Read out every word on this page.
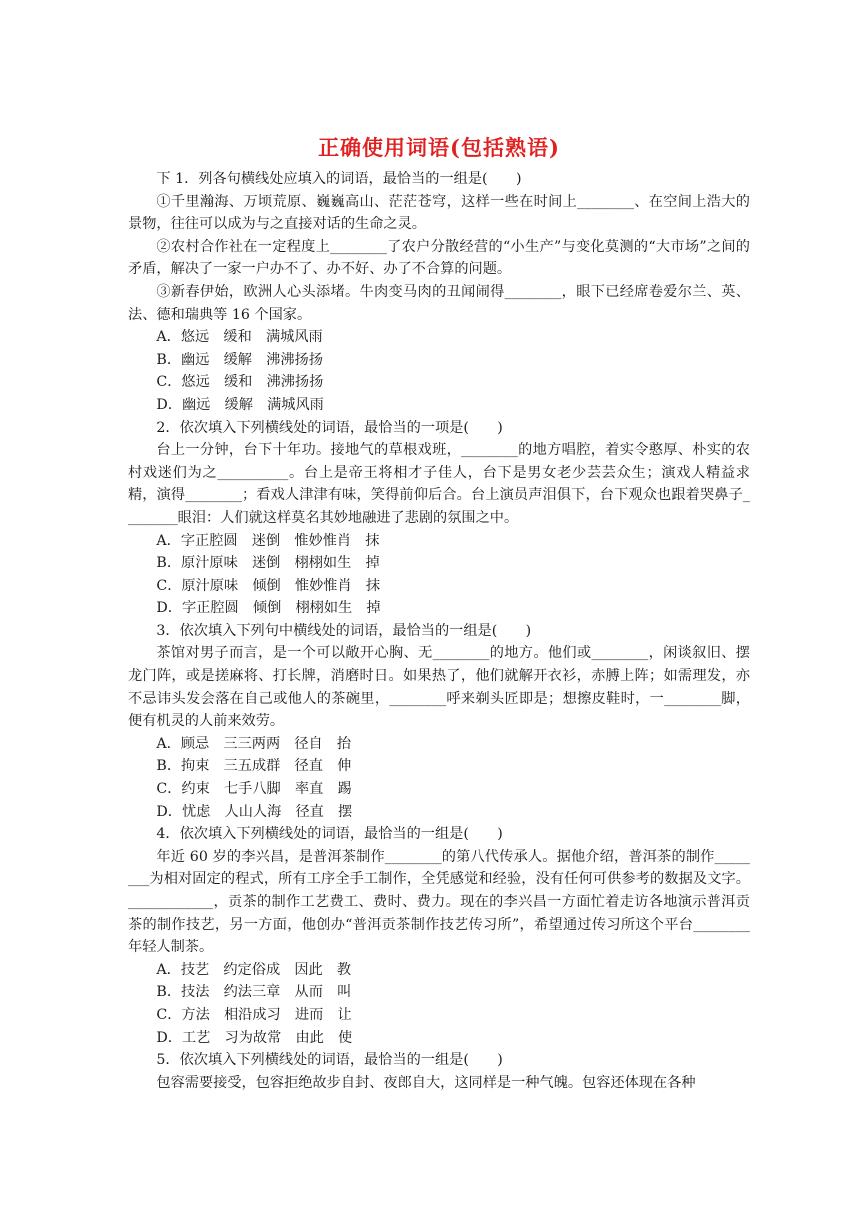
正确使用词语(包括熟语)

下 1．列各句横线处应填入的词语，最恰当的一组是(　　)

①千里瀚海、万顷荒原、巍巍高山、茫茫苍穹，这样一些在时间上________、在空间上浩大的景物，往往可以成为与之直接对话的生命之灵。

②农村合作社在一定程度上________了农户分散经营的“小生产”与变化莫测的“大市场”之间的矛盾，解决了一家一户办不了、办不好、办了不合算的问题。

③新春伊始，欧洲人心头添堵。牛肉变马肉的丑闻闹得________，眼下已经席卷爱尔兰、英、法、德和瑞典等 16 个国家。

A．悠远　缓和　满城风雨

B．幽远　缓解　沸沸扬扬

C．悠远　缓和　沸沸扬扬

D．幽远　缓解　满城风雨

2．依次填入下列横线处的词语，最恰当的一项是(　　)

台上一分钟，台下十年功。接地气的草根戏班，________的地方唱腔，着实令憨厚、朴实的农村戏迷们为之__________。台上是帝王将相才子佳人，台下是男女老少芸芸众生；演戏人精益求精，演得________；看戏人津津有味，笑得前仰后合。台上演员声泪俱下，台下观众也跟着哭鼻子________眼泪：人们就这样莫名其妙地融进了悲剧的氛围之中。

A．字正腔圆　迷倒　惟妙惟肖　抹

B．原汁原味　迷倒　栩栩如生　掉

C．原汁原味　倾倒　惟妙惟肖　抹

D．字正腔圆　倾倒　栩栩如生　掉

3．依次填入下列句中横线处的词语，最恰当的一组是(　　)

茶馆对男子而言，是一个可以敞开心胸、无________的地方。他们或________，闲谈叙旧、摆龙门阵，或是搓麻将、打长牌，消磨时日。如果热了，他们就解开衣衫，赤膊上阵；如需理发，亦不忌讳头发会落在自己或他人的茶碗里，________呼来剃头匠即是；想擦皮鞋时，一________脚，便有机灵的人前来效劳。

A．顾忌　三三两两　径自　抬

B．拘束　三五成群　径直　伸

C．约束　七手八脚　率直　踢

D．忧虑　人山人海　径直　摆

4．依次填入下列横线处的词语，最恰当的一组是(　　)

年近 60 岁的李兴昌，是普洱茶制作________的第八代传承人。据他介绍，普洱茶的制作________为相对固定的程式，所有工序全手工制作，全凭感觉和经验，没有任何可供参考的数据及文字。____________，贡茶的制作工艺费工、费时、费力。现在的李兴昌一方面忙着走访各地演示普洱贡茶的制作技艺，另一方面，他创办“普洱贡茶制作技艺传习所”，希望通过传习所这个平台________年轻人制茶。

A．技艺　约定俗成　因此　教

B．技法　约法三章　从而　叫

C．方法　相沿成习　进而　让

D．工艺　习为故常　由此　使

5．依次填入下列横线处的词语，最恰当的一组是(　　)

包容需要接受，包容拒绝故步自封、夜郎自大，这同样是一种气魄。包容还体现在各种
